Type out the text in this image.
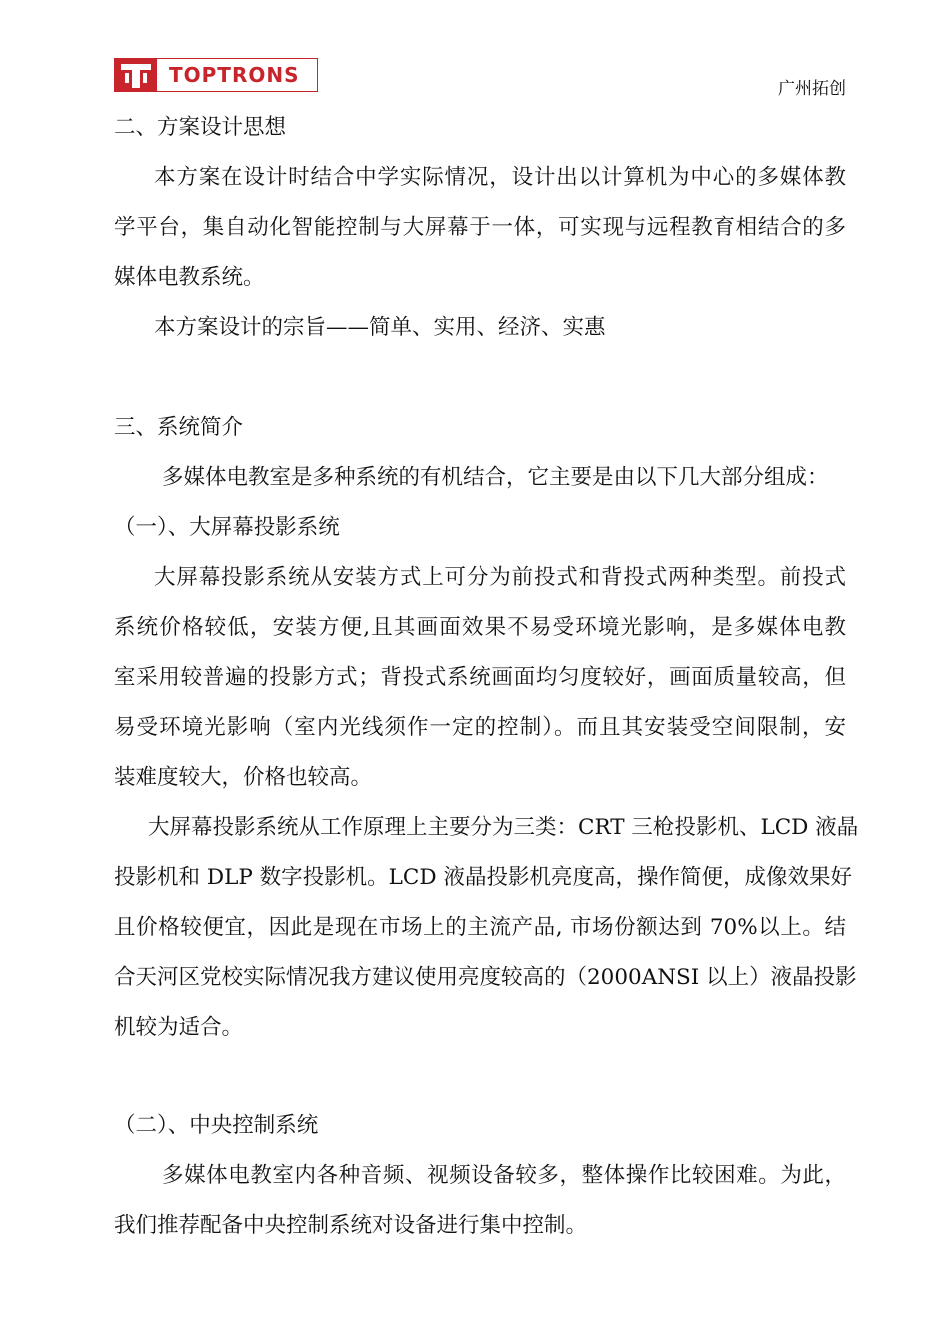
TOPTRONS
广州拓创
二、方案设计思想
本方案在设计时结合中学实际情况，设计出以计算机为中心的多媒体教
学平台，集自动化智能控制与大屏幕于一体，可实现与远程教育相结合的多
媒体电教系统。
本方案设计的宗旨——简单、实用、经济、实惠
三、系统简介
多媒体电教室是多种系统的有机结合，它主要是由以下几大部分组成：
（一）、大屏幕投影系统
大屏幕投影系统从安装方式上可分为前投式和背投式两种类型。前投式
系统价格较低，安装方便,且其画面效果不易受环境光影响，是多媒体电教
室采用较普遍的投影方式；背投式系统画面均匀度较好，画面质量较高，但
易受环境光影响（室内光线须作一定的控制）。而且其安装受空间限制，安
装难度较大，价格也较高。
大屏幕投影系统从工作原理上主要分为三类：CRT 三枪投影机、LCD 液晶
投影机和 DLP 数字投影机。LCD 液晶投影机亮度高，操作简便，成像效果好
且价格较便宜，因此是现在市场上的主流产品, 市场份额达到 70%以上。结
合天河区党校实际情况我方建议使用亮度较高的（2000ANSI 以上）液晶投影
机较为适合。
（二）、中央控制系统
多媒体电教室内各种音频、视频设备较多，整体操作比较困难。为此，
我们推荐配备中央控制系统对设备进行集中控制。
